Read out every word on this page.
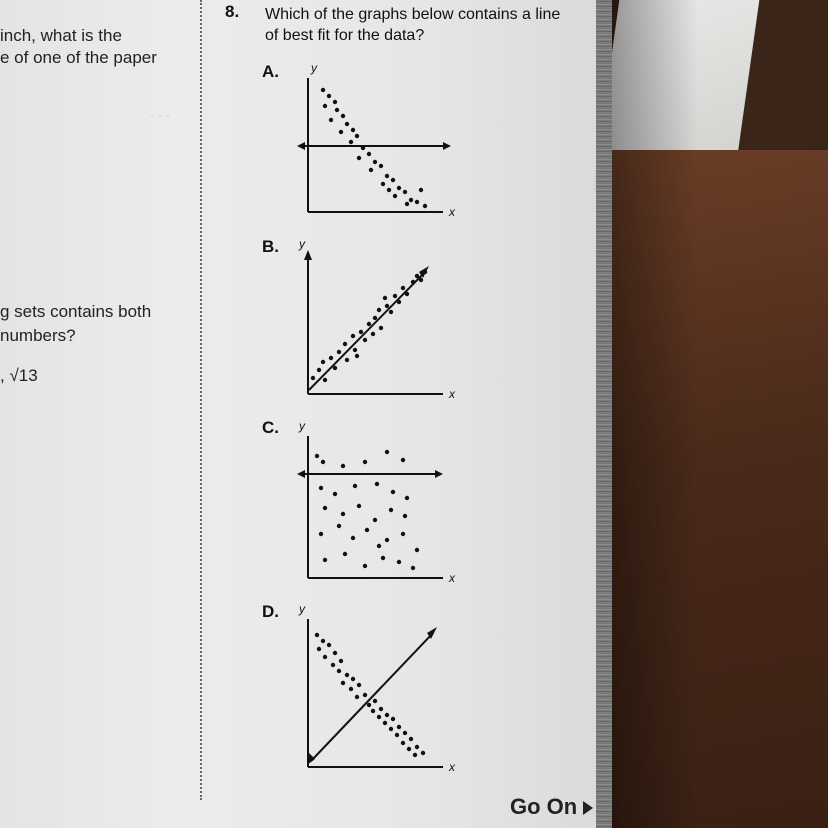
inch, what is the
e of one of the paper
g sets contains both
numbers?
, √13
8. Which of the graphs below contains a line
of best fit for the data?
A.
B.
C.
D.
y
x
y
x
y
x
y
x
· · ·
Go On
